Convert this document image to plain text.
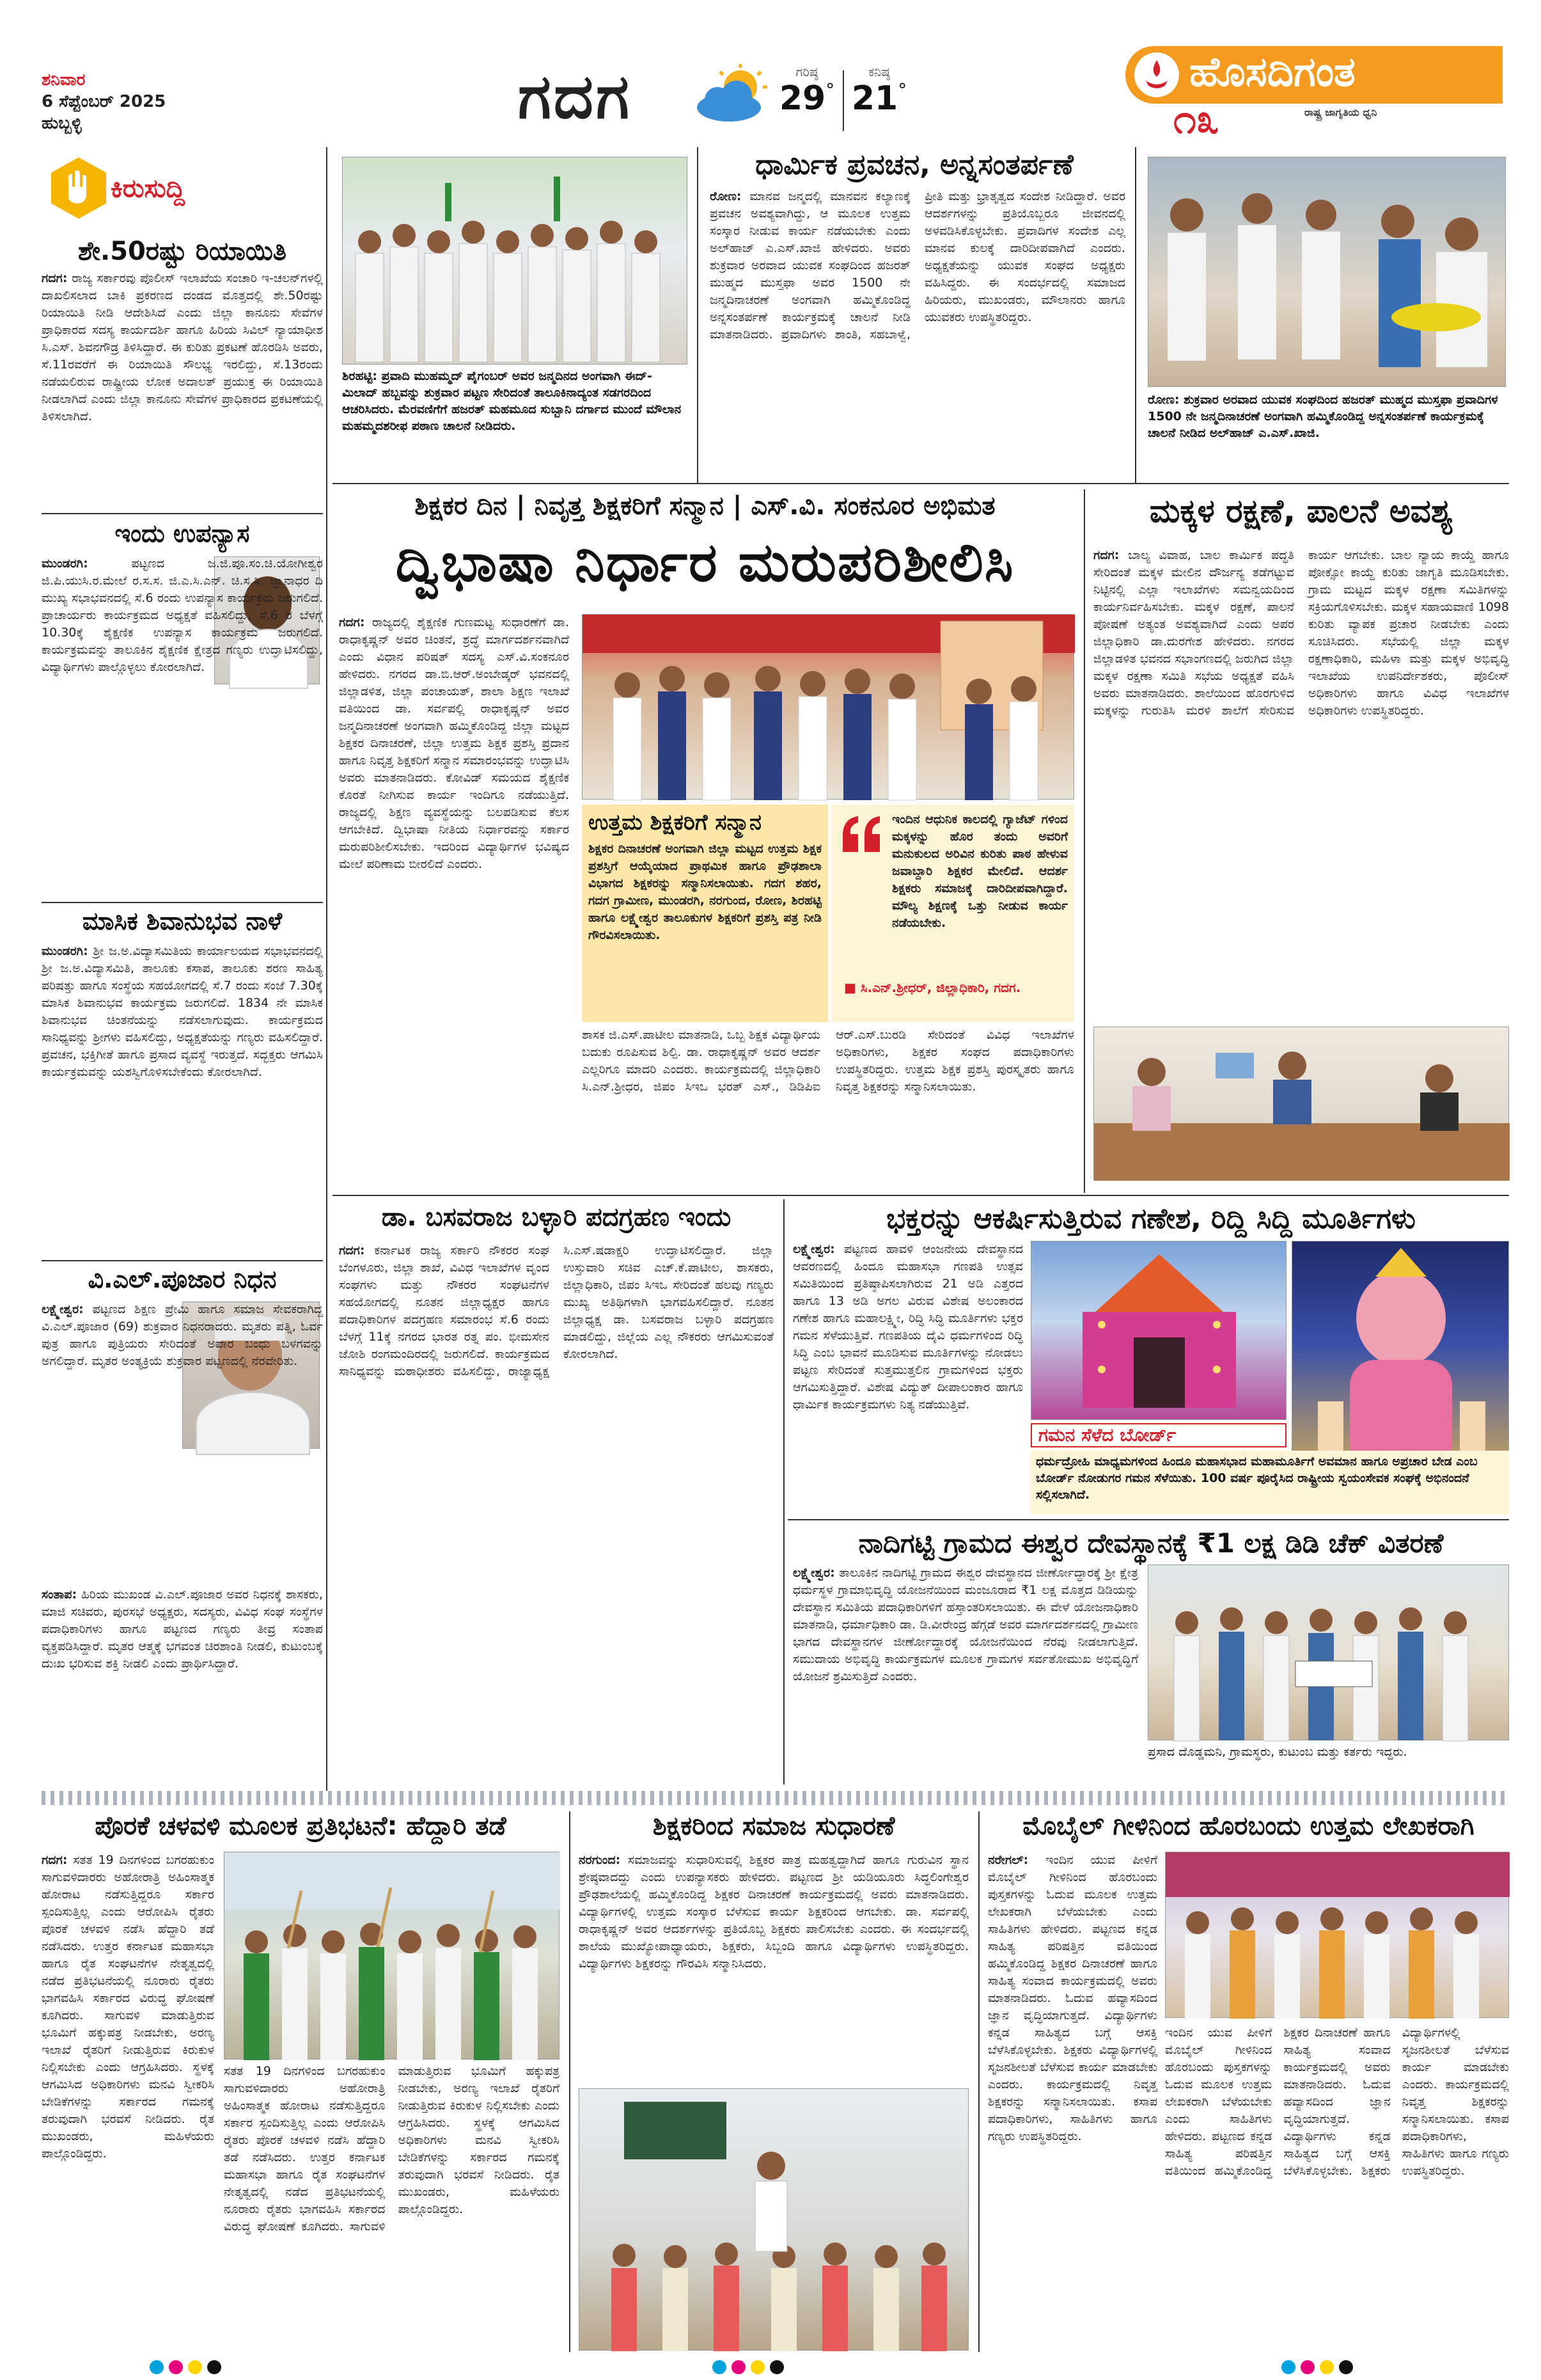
ಶನಿವಾರ
6 ಸೆಪ್ಟೆಂಬರ್ 2025
ಹುಬ್ಬಳ್ಳಿ	ಗದಗ	ಗರಿಷ್ಠ
29°
ಕನಿಷ್ಠ
21°	ಹೊಸದಿಗಂತ
ರಾಷ್ಟ್ರ ಜಾಗೃತಿಯ ಧ್ವನಿ
೧೩
ಕಿರುಸುದ್ದಿ
ಶೇ.50ರಷ್ಟು ರಿಯಾಯಿತಿ
ಗದಗ: ರಾಜ್ಯ ಸರ್ಕಾರವು ಪೊಲೀಸ್ ಇಲಾಖೆಯ ಸಂಚಾರಿ ಇ-ಚಲನ್‌ಗಳಲ್ಲಿ ದಾಖಲಿಸಲಾದ ಬಾಕಿ ಪ್ರಕರಣದ ದಂಡದ ಮೊತ್ತದಲ್ಲಿ ಶೇ.50ರಷ್ಟು ರಿಯಾಯಿತಿ ನೀಡಿ ಆದೇಶಿಸಿದೆ ಎಂದು ಜಿಲ್ಲಾ ಕಾನೂನು ಸೇವೆಗಳ ಪ್ರಾಧಿಕಾರದ ಸದಸ್ಯ ಕಾರ್ಯದರ್ಶಿ ಹಾಗೂ ಹಿರಿಯ ಸಿವಿಲ್ ನ್ಯಾಯಾಧೀಶ ಸಿ.ಎಸ್. ಶಿವನಗೌಡ್ರ ತಿಳಿಸಿದ್ದಾರೆ. ಈ ಕುರಿತು ಪ್ರಕಟಣೆ ಹೊರಡಿಸಿ ಅವರು, ಸೆ.11ರವರೆಗೆ ಈ ರಿಯಾಯಿತಿ ಸೌಲಭ್ಯ ಇರಲಿದ್ದು, ಸೆ.13ರಂದು ನಡೆಯಲಿರುವ ರಾಷ್ಟ್ರೀಯ ಲೋಕ ಅದಾಲತ್ ಪ್ರಯುಕ್ತ ಈ ರಿಯಾಯಿತಿ ನೀಡಲಾಗಿದೆ ಎಂದು ಜಿಲ್ಲಾ ಕಾನೂನು ಸೇವೆಗಳ ಪ್ರಾಧಿಕಾರದ ಪ್ರಕಟಣೆಯಲ್ಲಿ ತಿಳಿಸಲಾಗಿದೆ.
ಇಂದು ಉಪನ್ಯಾಸ
ಮುಂಡರಗಿ:	ಪಟ್ಟಣದ ಜ.ಜಿ.ಪೂ.ಸಂ.ಚಿ.ಯೋಗೀಶ್ವರ ಜಿ.ಪಿ.ಯುಸಿ.ರ.ಮೇಲೆ ರ.ಸ.ಸ. ಜಿ.ಎ.ಸಿ.ಎನ್. ಚಿ.ಸ.ಸಿ. ಜ್ಞಾನಾಧರ ದಿ ಮುಖ್ಯ ಸಭಾಭವನದಲ್ಲಿ ಸೆ.6 ರಂದು ಉಪನ್ಯಾಸ ಕಾರ್ಯಕ್ರಮ ಜರುಗಲಿದೆ. ಪ್ರಾಚಾರ್ಯರು ಕಾರ್ಯಕ್ರಮದ ಅಧ್ಯಕ್ಷತೆ ವಹಿಸಲಿದ್ದು, ಸೆ.6 ರ ಬೆಳಗ್ಗೆ 10.30ಕ್ಕೆ ಶೈಕ್ಷಣಿಕ ಉಪನ್ಯಾಸ ಕಾರ್ಯಕ್ರಮ ಜರುಗಲಿದೆ. ಕಾರ್ಯಕ್ರಮವನ್ನು ತಾಲೂಕಿನ ಶೈಕ್ಷಣಿಕ ಕ್ಷೇತ್ರದ ಗಣ್ಯರು ಉದ್ಘಾಟಿಸಲಿದ್ದು, ವಿದ್ಯಾರ್ಥಿಗಳು ಪಾಲ್ಗೊಳ್ಳಲು ಕೋರಲಾಗಿದೆ.
ಮಾಸಿಕ ಶಿವಾನುಭವ ನಾಳೆ
ಮುಂಡರಗಿ: ಶ್ರೀ ಜ.ಅ.ವಿದ್ಯಾಸಮಿತಿಯ ಕಾರ್ಯಾಲಯದ ಸಭಾಭವನದಲ್ಲಿ ಶ್ರೀ ಜ.ಅ.ವಿದ್ಯಾಸಮಿತಿ, ತಾಲೂಕು ಕಸಾಪ, ತಾಲೂಕು ಶರಣ ಸಾಹಿತ್ಯ ಪರಿಷತ್ತು ಹಾಗೂ ಸಂಸ್ಥೆಯ ಸಹಯೋಗದಲ್ಲಿ ಸೆ.7 ರಂದು ಸಂಜೆ 7.30ಕ್ಕೆ ಮಾಸಿಕ ಶಿವಾನುಭವ ಕಾರ್ಯಕ್ರಮ ಜರುಗಲಿದೆ. 1834 ನೇ ಮಾಸಿಕ ಶಿವಾನುಭವ ಚಿಂತನೆಯನ್ನು ನಡೆಸಲಾಗುವುದು. ಕಾರ್ಯಕ್ರಮದ ಸಾನಿಧ್ಯವನ್ನು ಶ್ರೀಗಳು ವಹಿಸಲಿದ್ದು, ಅಧ್ಯಕ್ಷತೆಯನ್ನು ಗಣ್ಯರು ವಹಿಸಲಿದ್ದಾರೆ. ಪ್ರವಚನ, ಭಕ್ತಿಗೀತೆ ಹಾಗೂ ಪ್ರಸಾದ ವ್ಯವಸ್ಥೆ ಇರುತ್ತದೆ. ಸದ್ಭಕ್ತರು ಆಗಮಿಸಿ ಕಾರ್ಯಕ್ರಮವನ್ನು ಯಶಸ್ವಿಗೊಳಿಸಬೇಕೆಂದು ಕೋರಲಾಗಿದೆ.
ವಿ.ಎಲ್.ಪೂಜಾರ ನಿಧನ
ಲಕ್ಷ್ಮೇಶ್ವರ: ಪಟ್ಟಣದ ಶಿಕ್ಷಣ ಪ್ರೇಮಿ ಹಾಗೂ ಸಮಾಜ ಸೇವಕರಾಗಿದ್ದ ವಿ.ಎಲ್.ಪೂಜಾರ (69) ಶುಕ್ರವಾರ ನಿಧನರಾದರು. ಮೃತರು ಪತ್ನಿ, ಓರ್ವ ಪುತ್ರ ಹಾಗೂ ಪುತ್ರಿಯರು ಸೇರಿದಂತೆ ಅಪಾರ ಬಂಧು ಬಳಗವನ್ನು ಅಗಲಿದ್ದಾರೆ. ಮೃತರ ಅಂತ್ಯಕ್ರಿಯೆ ಶುಕ್ರವಾರ ಪಟ್ಟಣದಲ್ಲಿ ನೆರವೇರಿತು.
ಸಂತಾಪ: ಹಿರಿಯ ಮುಖಂಡ ವಿ.ಎಲ್.ಪೂಜಾರ ಅವರ ನಿಧನಕ್ಕೆ ಶಾಸಕರು, ಮಾಜಿ ಸಚಿವರು, ಪುರಸಭೆ ಅಧ್ಯಕ್ಷರು, ಸದಸ್ಯರು, ವಿವಿಧ ಸಂಘ ಸಂಸ್ಥೆಗಳ ಪದಾಧಿಕಾರಿಗಳು ಹಾಗೂ ಪಟ್ಟಣದ ಗಣ್ಯರು ತೀವ್ರ ಸಂತಾಪ ವ್ಯಕ್ತಪಡಿಸಿದ್ದಾರೆ. ಮೃತರ ಆತ್ಮಕ್ಕೆ ಭಗವಂತ ಚಿರಶಾಂತಿ ನೀಡಲಿ, ಕುಟುಂಬಕ್ಕೆ ದುಃಖ ಭರಿಸುವ ಶಕ್ತಿ ನೀಡಲಿ ಎಂದು ಪ್ರಾರ್ಥಿಸಿದ್ದಾರೆ.
ಶಿರಹಟ್ಟಿ: ಪ್ರವಾದಿ ಮುಹಮ್ಮದ್ ಪೈಗಂಬರ್ ಅವರ ಜನ್ಮದಿನದ ಅಂಗವಾಗಿ ಈದ್-ಮಿಲಾದ್ ಹಬ್ಬವನ್ನು ಶುಕ್ರವಾರ ಪಟ್ಟಣ ಸೇರಿದಂತೆ ತಾಲೂಕಿನಾದ್ಯಂತ ಸಡಗರದಿಂದ ಆಚರಿಸಿದರು. ಮೆರವಣಿಗೆಗೆ ಹಜರತ್ ಮಹಮೂದ ಸುಬ್ಬಾನಿ ದರ್ಗಾದ ಮುಂದೆ ಮೌಲಾನ ಮಹಮ್ಮದಶರೀಫ ಪಠಾಣ ಚಾಲನೆ ನೀಡಿದರು.
ಧಾರ್ಮಿಕ ಪ್ರವಚನ, ಅನ್ನಸಂತರ್ಪಣೆ
ರೋಣ: ಮಾನವ ಜನ್ಮದಲ್ಲಿ ಮಾನವನ ಕಲ್ಯಾಣಕ್ಕೆ ಪ್ರವಚನ ಅವಶ್ಯವಾಗಿದ್ದು, ಆ ಮೂಲಕ ಉತ್ತಮ ಸಂಸ್ಕಾರ ನೀಡುವ ಕಾರ್ಯ ನಡೆಯಬೇಕು ಎಂದು ಅಲ್‌ಹಾಜ್ ಎ.ಎಸ್.ಖಾಜಿ ಹೇಳಿದರು. ಅವರು ಶುಕ್ರವಾರ ಅರವಾದ ಯುವಕ ಸಂಘದಿಂದ ಹಜರತ್ ಮುಹ್ಮದ ಮುಸ್ತಫಾ ಅವರ 1500 ನೇ ಜನ್ಮದಿನಾಚರಣೆ ಅಂಗವಾಗಿ ಹಮ್ಮಿಕೊಂಡಿದ್ದ ಅನ್ನಸಂತರ್ಪಣೆ ಕಾರ್ಯಕ್ರಮಕ್ಕೆ ಚಾಲನೆ ನೀಡಿ ಮಾತನಾಡಿದರು. ಪ್ರವಾದಿಗಳು ಶಾಂತಿ, ಸಹಬಾಳ್ವೆ, ಪ್ರೀತಿ ಮತ್ತು ಭ್ರಾತೃತ್ವದ ಸಂದೇಶ ನೀಡಿದ್ದಾರೆ. ಅವರ ಆದರ್ಶಗಳನ್ನು ಪ್ರತಿಯೊಬ್ಬರೂ ಜೀವನದಲ್ಲಿ ಅಳವಡಿಸಿಕೊಳ್ಳಬೇಕು. ಪ್ರವಾದಿಗಳ ಸಂದೇಶ ಎಲ್ಲ ಮಾನವ ಕುಲಕ್ಕೆ ದಾರಿದೀಪವಾಗಿದೆ ಎಂದರು. ಅಧ್ಯಕ್ಷತೆಯನ್ನು ಯುವಕ ಸಂಘದ ಅಧ್ಯಕ್ಷರು ವಹಿಸಿದ್ದರು. ಈ ಸಂದರ್ಭದಲ್ಲಿ ಸಮಾಜದ ಹಿರಿಯರು, ಮುಖಂಡರು, ಮೌಲಾನರು ಹಾಗೂ ಯುವಕರು ಉಪಸ್ಥಿತರಿದ್ದರು.
ರೋಣ: ಶುಕ್ರವಾರ ಅರವಾದ ಯುವಕ ಸಂಘದಿಂದ ಹಜರತ್ ಮುಹ್ಮದ ಮುಸ್ತಫಾ ಪ್ರವಾದಿಗಳ 1500 ನೇ ಜನ್ಮದಿನಾಚರಣೆ ಅಂಗವಾಗಿ ಹಮ್ಮಿಕೊಂಡಿದ್ದ ಅನ್ನಸಂತರ್ಪಣೆ ಕಾರ್ಯಕ್ರಮಕ್ಕೆ ಚಾಲನೆ ನೀಡಿದ ಅಲ್‌ಹಾಜ್ ಎ.ಎಸ್.ಖಾಜಿ.
ಶಿಕ್ಷಕರ ದಿನ | ನಿವೃತ್ತ ಶಿಕ್ಷಕರಿಗೆ ಸನ್ಮಾನ | ಎಸ್.ವಿ. ಸಂಕನೂರ ಅಭಿಮತ
ದ್ವಿಭಾಷಾ ನಿರ್ಧಾರ ಮರುಪರಿಶೀಲಿಸಿ
ಗದಗ: ರಾಜ್ಯದಲ್ಲಿ ಶೈಕ್ಷಣಿಕ ಗುಣಮಟ್ಟ ಸುಧಾರಣೆಗೆ ಡಾ. ರಾಧಾಕೃಷ್ಣನ್ ಅವರ ಚಿಂತನೆ, ಶ್ರದ್ಧೆ ಮಾರ್ಗದರ್ಶನವಾಗಿದೆ ಎಂದು ವಿಧಾನ ಪರಿಷತ್ ಸದಸ್ಯ ಎಸ್.ವಿ.ಸಂಕನೂರ ಹೇಳಿದರು. ನಗರದ ಡಾ.ಬಿ.ಆರ್.ಅಂಬೇಡ್ಕರ್ ಭವನದಲ್ಲಿ ಜಿಲ್ಲಾಡಳಿತ, ಜಿಲ್ಲಾ ಪಂಚಾಯತ್, ಶಾಲಾ ಶಿಕ್ಷಣ ಇಲಾಖೆ ವತಿಯಿಂದ ಡಾ. ಸರ್ವಪಲ್ಲಿ ರಾಧಾಕೃಷ್ಣನ್ ಅವರ ಜನ್ಮದಿನಾಚರಣೆ ಅಂಗವಾಗಿ ಹಮ್ಮಿಕೊಂಡಿದ್ದ ಜಿಲ್ಲಾ ಮಟ್ಟದ ಶಿಕ್ಷಕರ ದಿನಾಚರಣೆ, ಜಿಲ್ಲಾ ಉತ್ತಮ ಶಿಕ್ಷಕ ಪ್ರಶಸ್ತಿ ಪ್ರದಾನ ಹಾಗೂ ನಿವೃತ್ತ ಶಿಕ್ಷಕರಿಗೆ ಸನ್ಮಾನ ಸಮಾರಂಭವನ್ನು ಉದ್ಘಾಟಿಸಿ ಅವರು ಮಾತನಾಡಿದರು. ಕೋವಿಡ್ ಸಮಯದ ಶೈಕ್ಷಣಿಕ ಕೊರತೆ ನೀಗಿಸುವ ಕಾರ್ಯ ಇಂದಿಗೂ ನಡೆಯುತ್ತಿದೆ. ರಾಜ್ಯದಲ್ಲಿ ಶಿಕ್ಷಣ ವ್ಯವಸ್ಥೆಯನ್ನು ಬಲಪಡಿಸುವ ಕೆಲಸ ಆಗಬೇಕಿದೆ. ದ್ವಿಭಾಷಾ ನೀತಿಯ ನಿರ್ಧಾರವನ್ನು ಸರ್ಕಾರ ಮರುಪರಿಶೀಲಿಸಬೇಕು. ಇದರಿಂದ ವಿದ್ಯಾರ್ಥಿಗಳ ಭವಿಷ್ಯದ ಮೇಲೆ ಪರಿಣಾಮ ಬೀರಲಿದೆ ಎಂದರು.
ಉತ್ತಮ ಶಿಕ್ಷಕರಿಗೆ ಸನ್ಮಾನ
ಶಿಕ್ಷಕರ ದಿನಾಚರಣೆ ಅಂಗವಾಗಿ ಜಿಲ್ಲಾ ಮಟ್ಟದ ಉತ್ತಮ ಶಿಕ್ಷಕ ಪ್ರಶಸ್ತಿಗೆ ಆಯ್ಕೆಯಾದ ಪ್ರಾಥಮಿಕ ಹಾಗೂ ಪ್ರೌಢಶಾಲಾ ವಿಭಾಗದ ಶಿಕ್ಷಕರನ್ನು ಸನ್ಮಾನಿಸಲಾಯಿತು. ಗದಗ ಶಹರ, ಗದಗ ಗ್ರಾಮೀಣ, ಮುಂಡರಗಿ, ನರಗುಂದ, ರೋಣ, ಶಿರಹಟ್ಟಿ ಹಾಗೂ ಲಕ್ಷ್ಮೇಶ್ವರ ತಾಲೂಕುಗಳ ಶಿಕ್ಷಕರಿಗೆ ಪ್ರಶಸ್ತಿ ಪತ್ರ ನೀಡಿ ಗೌರವಿಸಲಾಯಿತು.
ಇಂದಿನ ಆಧುನಿಕ ಕಾಲದಲ್ಲಿ ಗ್ಯಾಜೆಟ್ ಗಳಿಂದ ಮಕ್ಕಳನ್ನು ಹೊರ ತಂದು ಅವರಿಗೆ ಮನುಕುಲದ ಅರಿವಿನ ಕುರಿತು ಪಾಠ ಹೇಳುವ ಜವಾಬ್ದಾರಿ ಶಿಕ್ಷಕರ ಮೇಲಿದೆ. ಆದರ್ಶ ಶಿಕ್ಷಕರು ಸಮಾಜಕ್ಕೆ ದಾರಿದೀಪವಾಗಿದ್ದಾರೆ. ಮೌಲ್ಯ ಶಿಕ್ಷಣಕ್ಕೆ ಒತ್ತು ನೀಡುವ ಕಾರ್ಯ ನಡೆಯಬೇಕು.
■ ಸಿ.ಎನ್.ಶ್ರೀಧರ್, ಜಿಲ್ಲಾಧಿಕಾರಿ, ಗದಗ.
ಶಾಸಕ ಜಿ.ಎಸ್.ಪಾಟೀಲ ಮಾತನಾಡಿ, ಒಬ್ಬ ಶಿಕ್ಷಕ ವಿದ್ಯಾರ್ಥಿಯ ಬದುಕು ರೂಪಿಸುವ ಶಿಲ್ಪಿ. ಡಾ. ರಾಧಾಕೃಷ್ಣನ್ ಅವರ ಆದರ್ಶ ಎಲ್ಲರಿಗೂ ಮಾದರಿ ಎಂದರು. ಕಾರ್ಯಕ್ರಮದಲ್ಲಿ ಜಿಲ್ಲಾಧಿಕಾರಿ ಸಿ.ಎನ್.ಶ್ರೀಧರ, ಜಿಪಂ ಸಿಇಒ ಭರತ್ ಎಸ್., ಡಿಡಿಪಿಐ ಆರ್.ಎಸ್.ಬುರಡಿ ಸೇರಿದಂತೆ ವಿವಿಧ ಇಲಾಖೆಗಳ ಅಧಿಕಾರಿಗಳು, ಶಿಕ್ಷಕರ ಸಂಘದ ಪದಾಧಿಕಾರಿಗಳು ಉಪಸ್ಥಿತರಿದ್ದರು. ಉತ್ತಮ ಶಿಕ್ಷಕ ಪ್ರಶಸ್ತಿ ಪುರಸ್ಕೃತರು ಹಾಗೂ ನಿವೃತ್ತ ಶಿಕ್ಷಕರನ್ನು ಸನ್ಮಾನಿಸಲಾಯಿತು.
ಮಕ್ಕಳ ರಕ್ಷಣೆ, ಪಾಲನೆ ಅವಶ್ಯ
ಗದಗ: ಬಾಲ್ಯ ವಿವಾಹ, ಬಾಲ ಕಾರ್ಮಿಕ ಪದ್ಧತಿ ಸೇರಿದಂತೆ ಮಕ್ಕಳ ಮೇಲಿನ ದೌರ್ಜನ್ಯ ತಡೆಗಟ್ಟುವ ನಿಟ್ಟಿನಲ್ಲಿ ಎಲ್ಲಾ ಇಲಾಖೆಗಳು ಸಮನ್ವಯದಿಂದ ಕಾರ್ಯನಿರ್ವಹಿಸಬೇಕು. ಮಕ್ಕಳ ರಕ್ಷಣೆ, ಪಾಲನೆ ಪೋಷಣೆ ಅತ್ಯಂತ ಅವಶ್ಯವಾಗಿದೆ ಎಂದು ಅಪರ ಜಿಲ್ಲಾಧಿಕಾರಿ ಡಾ.ದುರಗೇಶ ಹೇಳಿದರು. ನಗರದ ಜಿಲ್ಲಾಡಳಿತ ಭವನದ ಸಭಾಂಗಣದಲ್ಲಿ ಜರುಗಿದ ಜಿಲ್ಲಾ ಮಕ್ಕಳ ರಕ್ಷಣಾ ಸಮಿತಿ ಸಭೆಯ ಅಧ್ಯಕ್ಷತೆ ವಹಿಸಿ ಅವರು ಮಾತನಾಡಿದರು. ಶಾಲೆಯಿಂದ ಹೊರಗುಳಿದ ಮಕ್ಕಳನ್ನು ಗುರುತಿಸಿ ಮರಳಿ ಶಾಲೆಗೆ ಸೇರಿಸುವ ಕಾರ್ಯ ಆಗಬೇಕು. ಬಾಲ ನ್ಯಾಯ ಕಾಯ್ದೆ ಹಾಗೂ ಪೋಕ್ಸೋ ಕಾಯ್ದೆ ಕುರಿತು ಜಾಗೃತಿ ಮೂಡಿಸಬೇಕು. ಗ್ರಾಮ ಮಟ್ಟದ ಮಕ್ಕಳ ರಕ್ಷಣಾ ಸಮಿತಿಗಳನ್ನು ಸಕ್ರಿಯಗೊಳಿಸಬೇಕು. ಮಕ್ಕಳ ಸಹಾಯವಾಣಿ 1098 ಕುರಿತು ವ್ಯಾಪಕ ಪ್ರಚಾರ ನೀಡಬೇಕು ಎಂದು ಸೂಚಿಸಿದರು. ಸಭೆಯಲ್ಲಿ ಜಿಲ್ಲಾ ಮಕ್ಕಳ ರಕ್ಷಣಾಧಿಕಾರಿ, ಮಹಿಳಾ ಮತ್ತು ಮಕ್ಕಳ ಅಭಿವೃದ್ಧಿ ಇಲಾಖೆಯ ಉಪನಿರ್ದೇಶಕರು, ಪೊಲೀಸ್ ಅಧಿಕಾರಿಗಳು ಹಾಗೂ ವಿವಿಧ ಇಲಾಖೆಗಳ ಅಧಿಕಾರಿಗಳು ಉಪಸ್ಥಿತರಿದ್ದರು.
ಡಾ. ಬಸವರಾಜ ಬಳ್ಳಾರಿ ಪದಗ್ರಹಣ ಇಂದು
ಗದಗ: ಕರ್ನಾಟಕ ರಾಜ್ಯ ಸರ್ಕಾರಿ ನೌಕರರ ಸಂಘ ಬೆಂಗಳೂರು, ಜಿಲ್ಲಾ ಶಾಖೆ, ವಿವಿಧ ಇಲಾಖೆಗಳ ವೃಂದ ಸಂಘಗಳು ಮತ್ತು ನೌಕರರ ಸಂಘಟನೆಗಳ ಸಹಯೋಗದಲ್ಲಿ ನೂತನ ಜಿಲ್ಲಾಧ್ಯಕ್ಷರ ಹಾಗೂ ಪದಾಧಿಕಾರಿಗಳ ಪದಗ್ರಹಣ ಸಮಾರಂಭ ಸೆ.6 ರಂದು ಬೆಳಗ್ಗೆ 11ಕ್ಕೆ ನಗರದ ಭಾರತ ರತ್ನ ಪಂ. ಭೀಮಸೇನ ಜೋಶಿ ರಂಗಮಂದಿರದಲ್ಲಿ ಜರುಗಲಿದೆ. ಕಾರ್ಯಕ್ರಮದ ಸಾನಿಧ್ಯವನ್ನು ಮಠಾಧೀಶರು ವಹಿಸಲಿದ್ದು, ರಾಜ್ಯಾಧ್ಯಕ್ಷ ಸಿ.ಎಸ್.ಷಡಾಕ್ಷರಿ ಉದ್ಘಾಟಿಸಲಿದ್ದಾರೆ. ಜಿಲ್ಲಾ ಉಸ್ತುವಾರಿ ಸಚಿವ ಎಚ್.ಕೆ.ಪಾಟೀಲ, ಶಾಸಕರು, ಜಿಲ್ಲಾಧಿಕಾರಿ, ಜಿಪಂ ಸಿಇಒ ಸೇರಿದಂತೆ ಹಲವು ಗಣ್ಯರು ಮುಖ್ಯ ಅತಿಥಿಗಳಾಗಿ ಭಾಗವಹಿಸಲಿದ್ದಾರೆ. ನೂತನ ಜಿಲ್ಲಾಧ್ಯಕ್ಷ ಡಾ. ಬಸವರಾಜ ಬಳ್ಳಾರಿ ಪದಗ್ರಹಣ ಮಾಡಲಿದ್ದು, ಜಿಲ್ಲೆಯ ಎಲ್ಲ ನೌಕರರು ಆಗಮಿಸುವಂತೆ ಕೋರಲಾಗಿದೆ.
ಭಕ್ತರನ್ನು ಆಕರ್ಷಿಸುತ್ತಿರುವ ಗಣೇಶ, ರಿದ್ದಿ ಸಿದ್ದಿ ಮೂರ್ತಿಗಳು
ಲಕ್ಷ್ಮೇಶ್ವರ: ಪಟ್ಟಣದ ಹಾವಳಿ ಆಂಜನೇಯ ದೇವಸ್ಥಾನದ ಆವರಣದಲ್ಲಿ ಹಿಂದೂ ಮಹಾಸಭಾ ಗಣಪತಿ ಉತ್ಸವ ಸಮಿತಿಯಿಂದ ಪ್ರತಿಷ್ಠಾಪಿಸಲಾಗಿರುವ 21 ಅಡಿ ಎತ್ತರದ ಹಾಗೂ 13 ಅಡಿ ಅಗಲ ವಿರುವ ವಿಶೇಷ ಅಲಂಕಾರದ ಗಣೇಶ ಹಾಗೂ ಮಹಾಲಕ್ಷ್ಮೀ, ರಿದ್ಧಿ ಸಿದ್ಧಿ ಮೂರ್ತಿಗಳು ಭಕ್ತರ ಗಮನ ಸೆಳೆಯುತ್ತಿವೆ. ಗಣಪತಿಯ ದೈವಿ ಧರ್ಮಗಳಿಂದ ರಿದ್ಧಿ ಸಿದ್ಧಿ ಎಂಬ ಭಾವನೆ ಮೂಡಿಸುವ ಮೂರ್ತಿಗಳನ್ನು ನೋಡಲು ಪಟ್ಟಣ ಸೇರಿದಂತೆ ಸುತ್ತಮುತ್ತಲಿನ ಗ್ರಾಮಗಳಿಂದ ಭಕ್ತರು ಆಗಮಿಸುತ್ತಿದ್ದಾರೆ. ವಿಶೇಷ ವಿದ್ಯುತ್ ದೀಪಾಲಂಕಾರ ಹಾಗೂ ಧಾರ್ಮಿಕ ಕಾರ್ಯಕ್ರಮಗಳು ನಿತ್ಯ ನಡೆಯುತ್ತಿವೆ.
ಗಮನ ಸೆಳೆದ ಬೋರ್ಡ್
ಧರ್ಮದ್ರೋಹಿ ಮಾಧ್ಯಮಗಳಿಂದ ಹಿಂದೂ ಮಹಾಸಭಾದ ಮಹಾಮೂರ್ತಿಗೆ ಅವಮಾನ ಹಾಗೂ ಅಪ್ರಚಾರ ಬೇಡ ಎಂಬ ಬೋರ್ಡ್ ನೋಡುಗರ ಗಮನ ಸೆಳೆಯಿತು. 100 ವರ್ಷ ಪೂರೈಸಿದ ರಾಷ್ಟ್ರೀಯ ಸ್ವಯಂಸೇವಕ ಸಂಘಕ್ಕೆ ಅಭಿನಂದನೆ ಸಲ್ಲಿಸಲಾಗಿದೆ.
ನಾದಿಗಟ್ಟಿ ಗ್ರಾಮದ ಈಶ್ವರ ದೇವಸ್ಥಾನಕ್ಕೆ ₹1 ಲಕ್ಷ ಡಿಡಿ ಚೆಕ್ ವಿತರಣೆ
ಲಕ್ಷ್ಮೇಶ್ವರ: ತಾಲೂಕಿನ ನಾದಿಗಟ್ಟಿ ಗ್ರಾಮದ ಈಶ್ವರ ದೇವಸ್ಥಾನದ ಜೀರ್ಣೋದ್ಧಾರಕ್ಕೆ ಶ್ರೀ ಕ್ಷೇತ್ರ ಧರ್ಮಸ್ಥಳ ಗ್ರಾಮಾಭಿವೃದ್ಧಿ ಯೋಜನೆಯಿಂದ ಮಂಜೂರಾದ ₹1 ಲಕ್ಷ ಮೊತ್ತದ ಡಿಡಿಯನ್ನು ದೇವಸ್ಥಾನ ಸಮಿತಿಯ ಪದಾಧಿಕಾರಿಗಳಿಗೆ ಹಸ್ತಾಂತರಿಸಲಾಯಿತು. ಈ ವೇಳೆ ಯೋಜನಾಧಿಕಾರಿ ಮಾತನಾಡಿ, ಧರ್ಮಾಧಿಕಾರಿ ಡಾ. ಡಿ.ವೀರೇಂದ್ರ ಹೆಗ್ಗಡೆ ಅವರ ಮಾರ್ಗದರ್ಶನದಲ್ಲಿ ಗ್ರಾಮೀಣ ಭಾಗದ ದೇವಸ್ಥಾನಗಳ ಜೀರ್ಣೋದ್ಧಾರಕ್ಕೆ ಯೋಜನೆಯಿಂದ ನೆರವು ನೀಡಲಾಗುತ್ತಿದೆ. ಸಮುದಾಯ ಅಭಿವೃದ್ಧಿ ಕಾರ್ಯಕ್ರಮಗಳ ಮೂಲಕ ಗ್ರಾಮಗಳ ಸರ್ವತೋಮುಖ ಅಭಿವೃದ್ಧಿಗೆ ಯೋಜನೆ ಶ್ರಮಿಸುತ್ತಿದೆ ಎಂದರು.
ಪ್ರಸಾದ ದೊಡ್ಡಮನಿ, ಗ್ರಾಮಸ್ಥರು, ಕುಟುಂಬ ಮತ್ತು ಕರ್ತರು ಇದ್ದರು.
ಪೊರಕೆ ಚಳವಳಿ ಮೂಲಕ ಪ್ರತಿಭಟನೆ: ಹೆದ್ದಾರಿ ತಡೆ
ಗದಗ: ಸತತ 19 ದಿನಗಳಿಂದ ಬಗರಹುಕುಂ ಸಾಗುವಳಿದಾರರು ಅಹೋರಾತ್ರಿ ಅಹಿಂಸಾತ್ಮಕ ಹೋರಾಟ ನಡೆಸುತ್ತಿದ್ದರೂ ಸರ್ಕಾರ ಸ್ಪಂದಿಸುತ್ತಿಲ್ಲ ಎಂದು ಆರೋಪಿಸಿ ರೈತರು ಪೊರಕೆ ಚಳವಳಿ ನಡೆಸಿ ಹೆದ್ದಾರಿ ತಡೆ ನಡೆಸಿದರು. ಉತ್ತರ ಕರ್ನಾಟಕ ಮಹಾಸಭಾ ಹಾಗೂ ರೈತ ಸಂಘಟನೆಗಳ ನೇತೃತ್ವದಲ್ಲಿ ನಡೆದ ಪ್ರತಿಭಟನೆಯಲ್ಲಿ ನೂರಾರು ರೈತರು ಭಾಗವಹಿಸಿ ಸರ್ಕಾರದ ವಿರುದ್ಧ ಘೋಷಣೆ ಕೂಗಿದರು. ಸಾಗುವಳಿ ಮಾಡುತ್ತಿರುವ ಭೂಮಿಗೆ ಹಕ್ಕುಪತ್ರ ನೀಡಬೇಕು, ಅರಣ್ಯ ಇಲಾಖೆ ರೈತರಿಗೆ ನೀಡುತ್ತಿರುವ ಕಿರುಕುಳ ನಿಲ್ಲಿಸಬೇಕು ಎಂದು ಆಗ್ರಹಿಸಿದರು. ಸ್ಥಳಕ್ಕೆ ಆಗಮಿಸಿದ ಅಧಿಕಾರಿಗಳು ಮನವಿ ಸ್ವೀಕರಿಸಿ ಬೇಡಿಕೆಗಳನ್ನು ಸರ್ಕಾರದ ಗಮನಕ್ಕೆ ತರುವುದಾಗಿ ಭರವಸೆ ನೀಡಿದರು. ರೈತ ಮುಖಂಡರು, ಮಹಿಳೆಯರು ಪಾಲ್ಗೊಂಡಿದ್ದರು.
ಸತತ 19 ದಿನಗಳಿಂದ ಬಗರಹುಕುಂ ಸಾಗುವಳಿದಾರರು ಅಹೋರಾತ್ರಿ ಅಹಿಂಸಾತ್ಮಕ ಹೋರಾಟ ನಡೆಸುತ್ತಿದ್ದರೂ ಸರ್ಕಾರ ಸ್ಪಂದಿಸುತ್ತಿಲ್ಲ ಎಂದು ಆರೋಪಿಸಿ ರೈತರು ಪೊರಕೆ ಚಳವಳಿ ನಡೆಸಿ ಹೆದ್ದಾರಿ ತಡೆ ನಡೆಸಿದರು. ಉತ್ತರ ಕರ್ನಾಟಕ ಮಹಾಸಭಾ ಹಾಗೂ ರೈತ ಸಂಘಟನೆಗಳ ನೇತೃತ್ವದಲ್ಲಿ ನಡೆದ ಪ್ರತಿಭಟನೆಯಲ್ಲಿ ನೂರಾರು ರೈತರು ಭಾಗವಹಿಸಿ ಸರ್ಕಾರದ ವಿರುದ್ಧ ಘೋಷಣೆ ಕೂಗಿದರು. ಸಾಗುವಳಿ ಮಾಡುತ್ತಿರುವ ಭೂಮಿಗೆ ಹಕ್ಕುಪತ್ರ ನೀಡಬೇಕು, ಅರಣ್ಯ ಇಲಾಖೆ ರೈತರಿಗೆ ನೀಡುತ್ತಿರುವ ಕಿರುಕುಳ ನಿಲ್ಲಿಸಬೇಕು ಎಂದು ಆಗ್ರಹಿಸಿದರು. ಸ್ಥಳಕ್ಕೆ ಆಗಮಿಸಿದ ಅಧಿಕಾರಿಗಳು ಮನವಿ ಸ್ವೀಕರಿಸಿ ಬೇಡಿಕೆಗಳನ್ನು ಸರ್ಕಾರದ ಗಮನಕ್ಕೆ ತರುವುದಾಗಿ ಭರವಸೆ ನೀಡಿದರು. ರೈತ ಮುಖಂಡರು, ಮಹಿಳೆಯರು ಪಾಲ್ಗೊಂಡಿದ್ದರು.
ಶಿಕ್ಷಕರಿಂದ ಸಮಾಜ ಸುಧಾರಣೆ
ನರಗುಂದ: ಸಮಾಜವನ್ನು ಸುಧಾರಿಸುವಲ್ಲಿ ಶಿಕ್ಷಕರ ಪಾತ್ರ ಮಹತ್ವದ್ದಾಗಿದೆ ಹಾಗೂ ಗುರುವಿನ ಸ್ಥಾನ ಶ್ರೇಷ್ಠವಾದದ್ದು ಎಂದು ಉಪನ್ಯಾಸಕರು ಹೇಳಿದರು. ಪಟ್ಟಣದ ಶ್ರೀ ಯಡಿಯೂರು ಸಿದ್ಧಲಿಂಗೇಶ್ವರ ಪ್ರೌಢಶಾಲೆಯಲ್ಲಿ ಹಮ್ಮಿಕೊಂಡಿದ್ದ ಶಿಕ್ಷಕರ ದಿನಾಚರಣೆ ಕಾರ್ಯಕ್ರಮದಲ್ಲಿ ಅವರು ಮಾತನಾಡಿದರು. ವಿದ್ಯಾರ್ಥಿಗಳಲ್ಲಿ ಉತ್ತಮ ಸಂಸ್ಕಾರ ಬೆಳೆಸುವ ಕಾರ್ಯ ಶಿಕ್ಷಕರಿಂದ ಆಗಬೇಕು. ಡಾ. ಸರ್ವಪಲ್ಲಿ ರಾಧಾಕೃಷ್ಣನ್ ಅವರ ಆದರ್ಶಗಳನ್ನು ಪ್ರತಿಯೊಬ್ಬ ಶಿಕ್ಷಕರು ಪಾಲಿಸಬೇಕು ಎಂದರು. ಈ ಸಂದರ್ಭದಲ್ಲಿ ಶಾಲೆಯ ಮುಖ್ಯೋಪಾಧ್ಯಾಯರು, ಶಿಕ್ಷಕರು, ಸಿಬ್ಬಂದಿ ಹಾಗೂ ವಿದ್ಯಾರ್ಥಿಗಳು ಉಪಸ್ಥಿತರಿದ್ದರು. ವಿದ್ಯಾರ್ಥಿಗಳು ಶಿಕ್ಷಕರನ್ನು ಗೌರವಿಸಿ ಸನ್ಮಾನಿಸಿದರು.
ಮೊಬೈಲ್ ಗೀಳಿನಿಂದ ಹೊರಬಂದು ಉತ್ತಮ ಲೇಖಕರಾಗಿ
ನರೇಗಲ್: ಇಂದಿನ ಯುವ ಪೀಳಿಗೆ ಮೊಬೈಲ್ ಗೀಳಿನಿಂದ ಹೊರಬಂದು ಪುಸ್ತಕಗಳನ್ನು ಓದುವ ಮೂಲಕ ಉತ್ತಮ ಲೇಖಕರಾಗಿ ಬೆಳೆಯಬೇಕು ಎಂದು ಸಾಹಿತಿಗಳು ಹೇಳಿದರು. ಪಟ್ಟಣದ ಕನ್ನಡ ಸಾಹಿತ್ಯ ಪರಿಷತ್ತಿನ ವತಿಯಿಂದ ಹಮ್ಮಿಕೊಂಡಿದ್ದ ಶಿಕ್ಷಕರ ದಿನಾಚರಣೆ ಹಾಗೂ ಸಾಹಿತ್ಯ ಸಂವಾದ ಕಾರ್ಯಕ್ರಮದಲ್ಲಿ ಅವರು ಮಾತನಾಡಿದರು. ಓದುವ ಹವ್ಯಾಸದಿಂದ ಜ್ಞಾನ ವೃದ್ಧಿಯಾಗುತ್ತದೆ. ವಿದ್ಯಾರ್ಥಿಗಳು ಕನ್ನಡ ಸಾಹಿತ್ಯದ ಬಗ್ಗೆ ಆಸಕ್ತಿ ಬೆಳೆಸಿಕೊಳ್ಳಬೇಕು. ಶಿಕ್ಷಕರು ವಿದ್ಯಾರ್ಥಿಗಳಲ್ಲಿ ಸೃಜನಶೀಲತೆ ಬೆಳೆಸುವ ಕಾರ್ಯ ಮಾಡಬೇಕು ಎಂದರು. ಕಾರ್ಯಕ್ರಮದಲ್ಲಿ ನಿವೃತ್ತ ಶಿಕ್ಷಕರನ್ನು ಸನ್ಮಾನಿಸಲಾಯಿತು. ಕಸಾಪ ಪದಾಧಿಕಾರಿಗಳು, ಸಾಹಿತಿಗಳು ಹಾಗೂ ಗಣ್ಯರು ಉಪಸ್ಥಿತರಿದ್ದರು.
ಇಂದಿನ ಯುವ ಪೀಳಿಗೆ ಮೊಬೈಲ್ ಗೀಳಿನಿಂದ ಹೊರಬಂದು ಪುಸ್ತಕಗಳನ್ನು ಓದುವ ಮೂಲಕ ಉತ್ತಮ ಲೇಖಕರಾಗಿ ಬೆಳೆಯಬೇಕು ಎಂದು ಸಾಹಿತಿಗಳು ಹೇಳಿದರು. ಪಟ್ಟಣದ ಕನ್ನಡ ಸಾಹಿತ್ಯ ಪರಿಷತ್ತಿನ ವತಿಯಿಂದ ಹಮ್ಮಿಕೊಂಡಿದ್ದ ಶಿಕ್ಷಕರ ದಿನಾಚರಣೆ ಹಾಗೂ ಸಾಹಿತ್ಯ ಸಂವಾದ ಕಾರ್ಯಕ್ರಮದಲ್ಲಿ ಅವರು ಮಾತನಾಡಿದರು. ಓದುವ ಹವ್ಯಾಸದಿಂದ ಜ್ಞಾನ ವೃದ್ಧಿಯಾಗುತ್ತದೆ. ವಿದ್ಯಾರ್ಥಿಗಳು ಕನ್ನಡ ಸಾಹಿತ್ಯದ ಬಗ್ಗೆ ಆಸಕ್ತಿ ಬೆಳೆಸಿಕೊಳ್ಳಬೇಕು. ಶಿಕ್ಷಕರು ವಿದ್ಯಾರ್ಥಿಗಳಲ್ಲಿ ಸೃಜನಶೀಲತೆ ಬೆಳೆಸುವ ಕಾರ್ಯ ಮಾಡಬೇಕು ಎಂದರು. ಕಾರ್ಯಕ್ರಮದಲ್ಲಿ ನಿವೃತ್ತ ಶಿಕ್ಷಕರನ್ನು ಸನ್ಮಾನಿಸಲಾಯಿತು. ಕಸಾಪ ಪದಾಧಿಕಾರಿಗಳು, ಸಾಹಿತಿಗಳು ಹಾಗೂ ಗಣ್ಯರು ಉಪಸ್ಥಿತರಿದ್ದರು.
